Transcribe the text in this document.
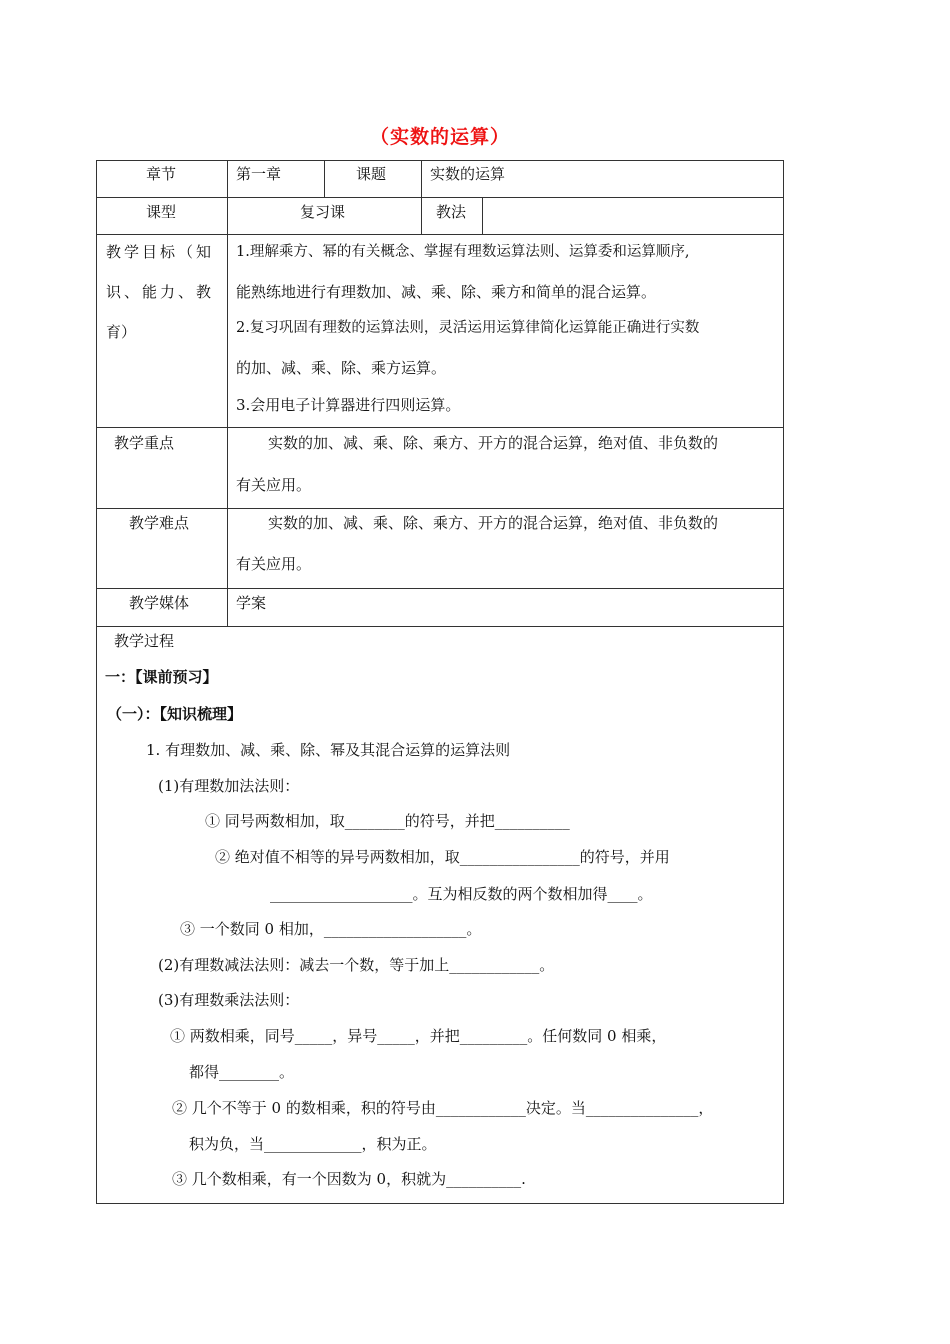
（实数的运算）
章节	第一章	课题	实数的运算
课型	复习课	教法
教学目标（知
识、能力、教
育）
1.理解乘方、幂的有关概念、掌握有理数运算法则、运算委和运算顺序,
能熟练地进行有理数加、减、乘、除、乘方和简单的混合运算。
2.复习巩固有理数的运算法则，灵活运用运算律简化运算能正确进行实数
的加、减、乘、除、乘方运算。
3.会用电子计算器进行四则运算。
教学重点	实数的加、减、乘、除、乘方、开方的混合运算，绝对值、非负数的
有关应用。
教学难点	实数的加、减、乘、除、乘方、开方的混合运算，绝对值、非负数的
有关应用。
教学媒体	学案
教学过程
一：【课前预习】
（一）：【知识梳理】
1. 有理数加、减、乘、除、幂及其混合运算的运算法则
(1)有理数加法法则：
① 同号两数相加，取________的符号，并把__________
② 绝对值不相等的异号两数相加，取________________的符号，并用
___________________。互为相反数的两个数相加得____。
③ 一个数同 0 相加，___________________。
(2)有理数减法法则：减去一个数，等于加上____________。
(3)有理数乘法法则：
① 两数相乘，同号_____，异号_____，并把_________。任何数同 0 相乘，
都得________。
② 几个不等于 0 的数相乘，积的符号由____________决定。当_______________，
积为负，当_____________，积为正。
③ 几个数相乘，有一个因数为 0，积就为__________.
